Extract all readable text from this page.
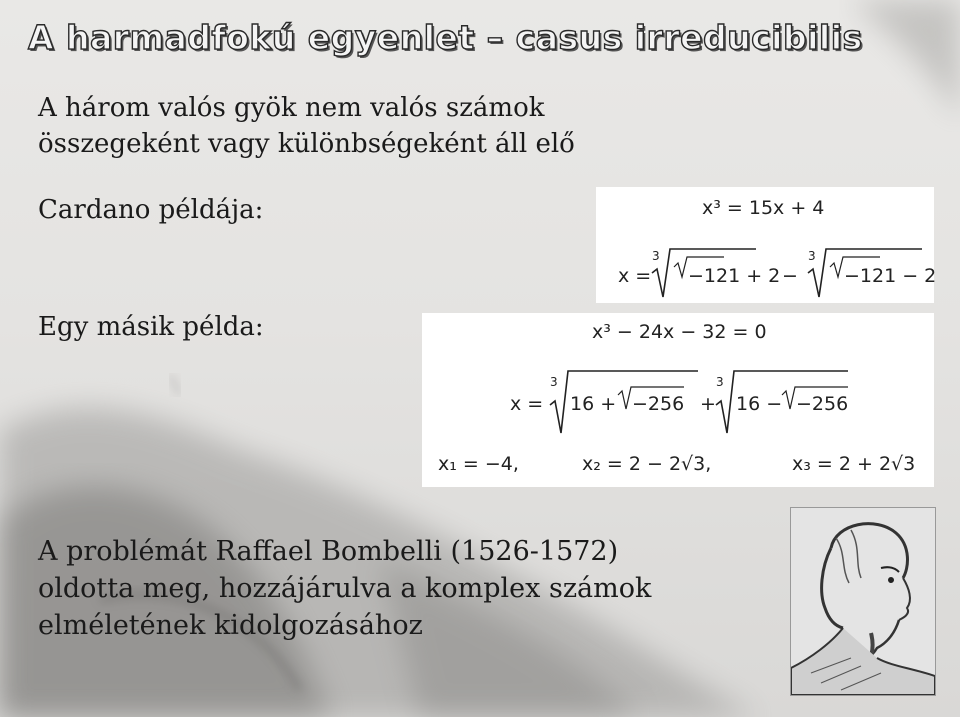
A harmadfokú egyenlet – casus irreducibilis
A három valós gyök nem valós számok
összegeként vagy különbségeként áll elő
Cardano példája:
Egy másik példa:
x³ = 15x + 4
x =
3
−121 + 2 −
3
−121 − 2
x³ − 24x − 32 = 0
x =
3
16 + −256 +
3
16 − −256
x₁ = −4,	x₂ = 2 − 2√3,	x₃ = 2 + 2√3
A problémát Raffael Bombelli (1526-1572)
oldotta meg, hozzájárulva a komplex számok
elméletének kidolgozásához
